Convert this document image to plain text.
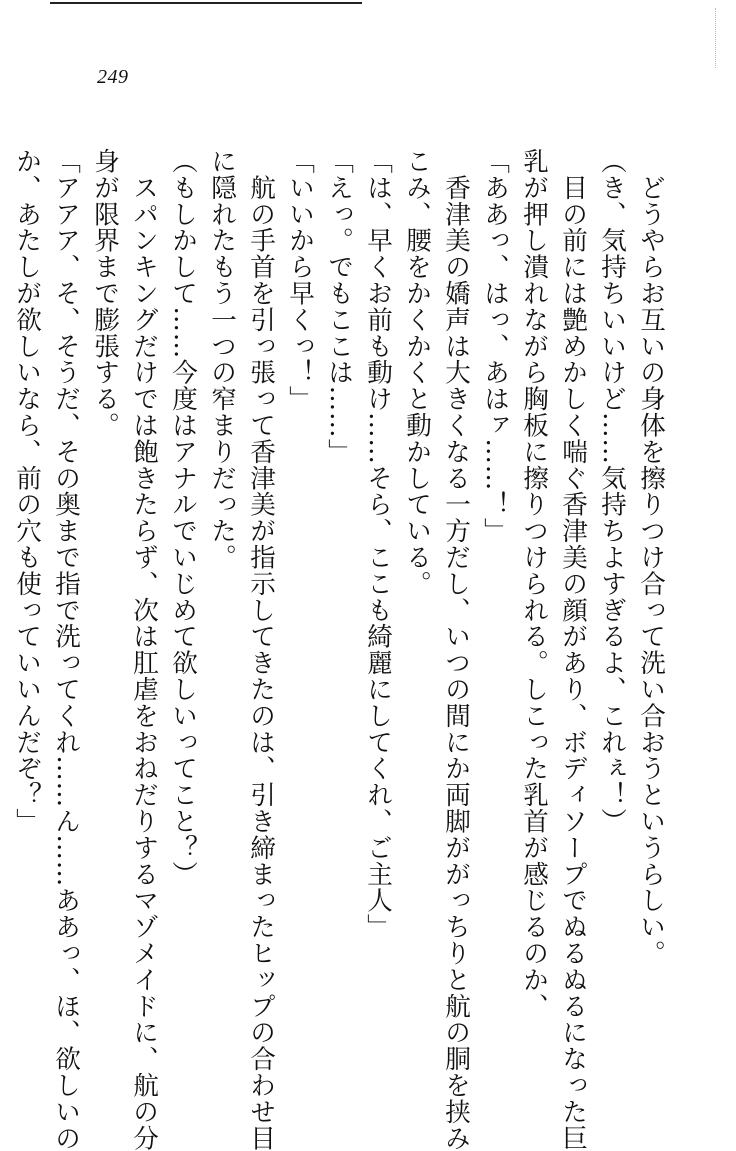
249
　どうやらお互いの身体を擦りつけ合って洗い合おうというらしい。
（き、気持ちいいけど……気持ちよすぎるよ、これぇ！）
　目の前には艶めかしく喘ぐ香津美の顔があり、ボディソープでぬるぬるになった巨
乳が押し潰れながら胸板に擦りつけられる。しこった乳首が感じるのか、
「ああっ、はっ、あはァ……！」
　香津美の嬌声は大きくなる一方だし、いつの間にか両脚ががっちりと航の胴を挟み
こみ、腰をかくかくと動かしている。
「は、早くお前も動け……そら、ここも綺麗にしてくれ、ご主人」
「えっ。でもここは……」
「いいから早くっ！」
　航の手首を引っ張って香津美が指示してきたのは、引き締まったヒップの合わせ目
に隠れたもう一つの窄まりだった。
（もしかして……今度はアナルでいじめて欲しいってこと？）
　スパンキングだけでは飽きたらず、次は肛虐をおねだりするマゾメイドに、航の分
身が限界まで膨張する。
「アアア、そ、そうだ、その奥まで指で洗ってくれ……ん……ああっ、ほ、欲しいの
か、あたしが欲しいなら、前の穴も使っていいんだぞ？」
